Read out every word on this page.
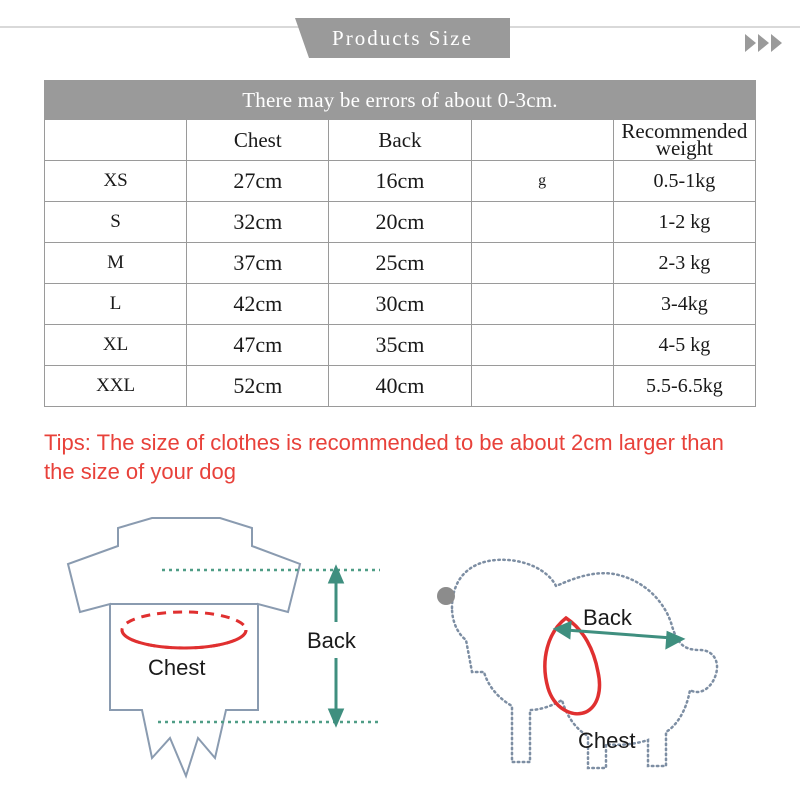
Products Size
There may be errors of about 0-3cm.				
	Chest	Back		Recommended weight
XS	27cm	16cm	g	0.5-1kg
S	32cm	20cm		1-2 kg
M	37cm	25cm		2-3 kg
L	42cm	30cm		3-4kg
XL	47cm	35cm		4-5 kg
XXL	52cm	40cm		5.5-6.5kg
Tips: The size of clothes is recommended to be about 2cm larger than the size of your dog
Chest
Back
Back
Chest
